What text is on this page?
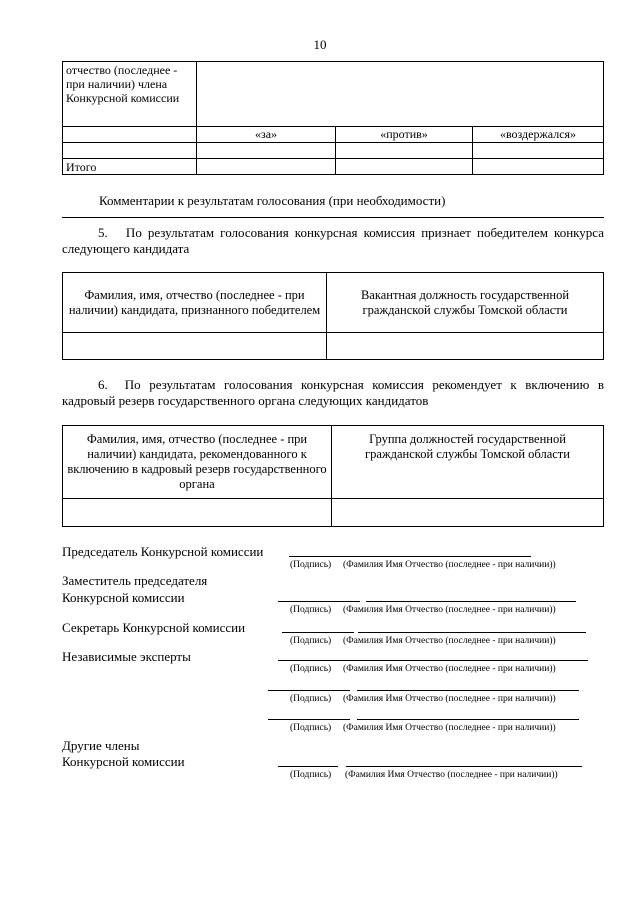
10
отчество (последнее - при наличии) члена Конкурсной комиссии			
	«за»	«против»	«воздержался»

Итого			
Комментарии к результатам голосования (при необходимости)
5.   По результатам голосования конкурсная комиссия признает победителем конкурса следующего кандидата
Фамилия, имя, отчество (последнее - при наличии) кандидата, признанного победителем	Вакантная должность государственной гражданской службы Томской области

6.  По результатам голосования конкурсная комиссия рекомендует к включению в кадровый резерв государственного органа следующих кандидатов
Фамилия, имя, отчество (последнее - при наличии) кандидата, рекомендованного к включению в кадровый резерв государственного органа	Группа должностей государственной гражданской службы Томской области

Председатель Конкурсной комиссии
(Подпись) (Фамилия Имя Отчество (последнее - при наличии))
Заместитель председателя
Конкурсной комиссии
(Подпись) (Фамилия Имя Отчество (последнее - при наличии))
Секретарь Конкурсной комиссии
(Подпись) (Фамилия Имя Отчество (последнее - при наличии))
Независимые эксперты
(Подпись) (Фамилия Имя Отчество (последнее - при наличии))
(Подпись) (Фамилия Имя Отчество (последнее - при наличии))
(Подпись) (Фамилия Имя Отчество (последнее - при наличии))
Другие члены
Конкурсной комиссии
(Подпись) (Фамилия Имя Отчество (последнее - при наличии))
